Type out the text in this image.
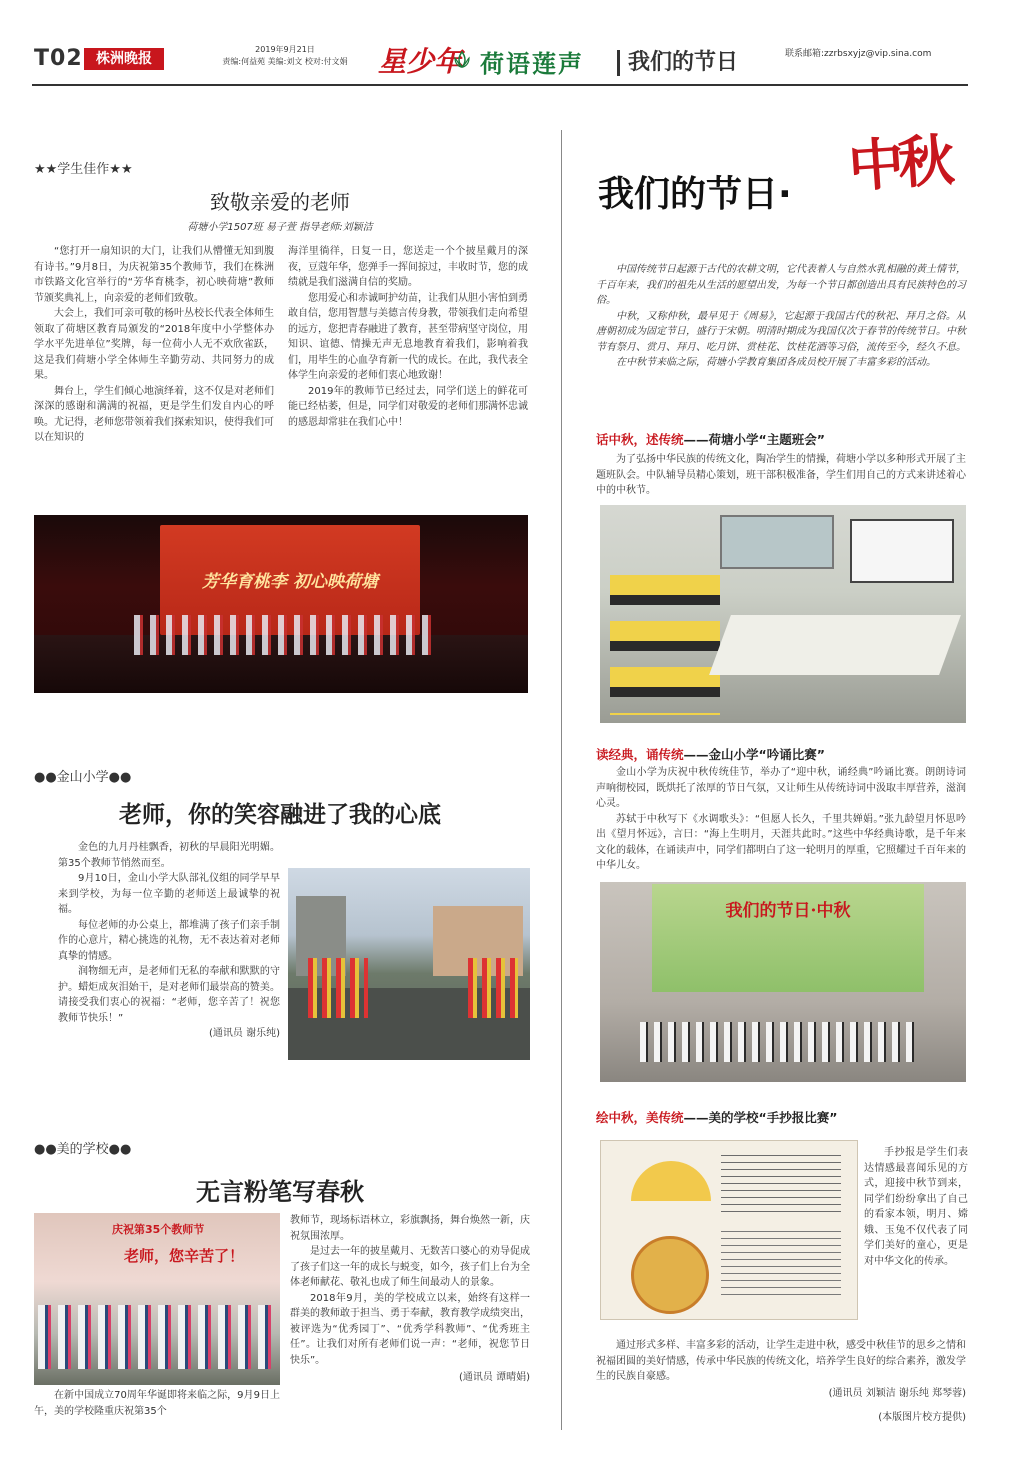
T02 株洲晚报
2019年9月21日
责编:何益苑 美编:刘文 校对:付文娟	星少年 荷语莲声	我们的节日	联系邮箱:zzrbsxyjz@vip.sina.com
★★学生佳作★★
致敬亲爱的老师
荷塘小学1507班 易子萱 指导老师:刘颖洁

“您打开一扇知识的大门，让我们从懵懂无知到腹有诗书。”9月8日，为庆祝第35个教师节，我们在株洲市铁路文化宫举行的“芳华育桃李，初心映荷塘”教师节颁奖典礼上，向亲爱的老师们致敬。

大会上，我们可亲可敬的杨叶丛校长代表全体师生领取了荷塘区教育局颁发的“2018年度中小学整体办学水平先进单位”奖牌，每一位荷小人无不欢欣雀跃，这是我们荷塘小学全体师生辛勤劳动、共同努力的成果。

舞台上，学生们倾心地演绎着，这不仅是对老师们深深的感谢和满满的祝福，更是学生们发自内心的呼唤。尤记得，老师您带领着我们探索知识，使得我们可以在知识的

海洋里徜徉，日复一日，您送走一个个披星戴月的深夜，豆蔻年华，您弹手一挥间掠过，丰收时节，您的成绩就是我们滋满自信的奖励。

您用爱心和赤诚呵护幼苗，让我们从胆小害怕到勇敢自信，您用智慧与美德言传身教，带领我们走向希望的远方，您把青春融进了教育，甚至带病坚守岗位，用知识、谊德、情操无声无息地教育着我们，影响着我们，用毕生的心血孕育新一代的成长。在此，我代表全体学生向亲爱的老师们衷心地致谢！

2019年的教师节已经过去，同学们送上的鲜花可能已经枯萎，但是，同学们对敬爱的老师们那满怀忠诚的感恩却常驻在我们心中！

芳华育桃李 初心映荷塘
●●金山小学●●
老师，你的笑容融进了我的心底

金色的九月丹桂飘香，初秋的早晨阳光明媚。第35个教师节悄然而至。

9月10日，金山小学大队部礼仪组的同学早早来到学校，为每一位辛勤的老师送上最诚挚的祝福。

每位老师的办公桌上，都堆满了孩子们亲手制作的心意片，精心挑选的礼物，无不表达着对老师真挚的情感。

润物细无声，是老师们无私的奉献和默默的守护。蜡炬成灰泪始干，是对老师们最崇高的赞美。请接受我们衷心的祝福：“老师，您辛苦了！祝您教师节快乐！”

(通讯员 谢乐纯)
●●美的学校●●
无言粉笔写春秋
庆祝第35个教师节
老师，您辛苦了！

在新中国成立70周年华诞即将来临之际，9月9日上午，美的学校隆重庆祝第35个

教师节，现场标语林立，彩旗飘扬，舞台焕然一新，庆祝氛围浓厚。

是过去一年的披星戴月、无数苦口婆心的劝导促成了孩子们这一年的成长与蜕变，如今，孩子们上台为全体老师献花、敬礼也成了师生间最动人的景象。

2018年9月，美的学校成立以来，始终有这样一群美的教师敢于担当、勇于奉献，教育教学成绩突出，被评选为“优秀园丁”、“优秀学科教师”、“优秀班主任”。让我们对所有老师们说一声：“老师，祝您节日快乐”。

(通讯员 谭晴娟)
我们的节日· 中秋

中国传统节日起源于古代的农耕文明，它代表着人与自然水乳相融的黄土情节，千百年来，我们的祖先从生活的愿望出发，为每一个节日都创造出具有民族特色的习俗。

中秋，又称仲秋，最早见于《周易》，它起源于我国古代的秋祀、拜月之俗。从唐朝初成为固定节日，盛行于宋朝。明清时期成为我国仅次于春节的传统节日。中秋节有祭月、赏月、拜月、吃月饼、赏桂花、饮桂花酒等习俗，流传至今，经久不息。

在中秋节来临之际，荷塘小学教育集团各成员校开展了丰富多彩的活动。

话中秋，述传统——荷塘小学“主题班会”

为了弘扬中华民族的传统文化，陶冶学生的情操，荷塘小学以多种形式开展了主题班队会。中队辅导员精心策划，班干部积极准备，学生们用自己的方式来讲述着心中的中秋节。

读经典，诵传统——金山小学“吟诵比赛”

金山小学为庆祝中秋传统佳节，举办了“迎中秋，诵经典”吟诵比赛。朗朗诗词声响彻校园，既烘托了浓厚的节日气氛，又让师生从传统诗词中汲取丰厚营养，滋润心灵。

苏轼于中秋写下《水调歌头》：“但愿人长久，千里共婵娟。”张九龄望月怀思吟出《望月怀远》，言曰：“海上生明月，天涯共此时。”这些中华经典诗歌，是千年来文化的载体，在诵读声中，同学们都明白了这一轮明月的厚重，它照耀过千百年来的中华儿女。

我们的节日·中秋
绘中秋，美传统——美的学校“手抄报比赛”

手抄报是学生们表达情感最喜闻乐见的方式，迎接中秋节到来，同学们纷纷拿出了自己的看家本领，明月、嫦娥、玉兔不仅代表了同学们美好的童心，更是对中华文化的传承。

通过形式多样、丰富多彩的活动，让学生走进中秋，感受中秋佳节的思乡之情和祝福团圆的美好情感，传承中华民族的传统文化，培养学生良好的综合素养，激发学生的民族自豪感。

(通讯员 刘颖洁 谢乐纯 郑琴蓉)
(本版图片校方提供)
